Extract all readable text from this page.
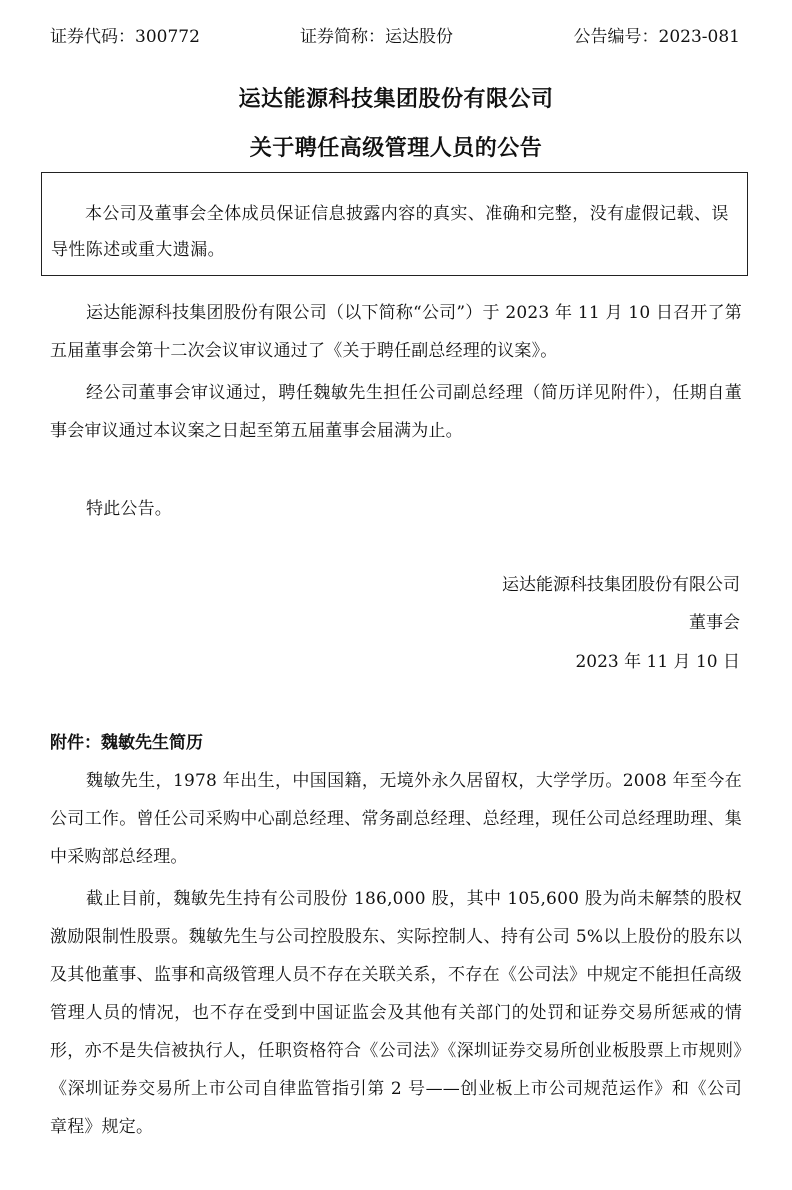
证券代码：300772	证券简称：运达股份	公告编号：2023-081
运达能源科技集团股份有限公司
关于聘任高级管理人员的公告

本公司及董事会全体成员保证信息披露内容的真实、准确和完整，没有虚假记载、误导性陈述或重大遗漏。

运达能源科技集团股份有限公司（以下简称“公司”）于 2023 年 11 月 10 日召开了第五届董事会第十二次会议审议通过了《关于聘任副总经理的议案》。

经公司董事会审议通过，聘任魏敏先生担任公司副总经理（简历详见附件），任期自董事会审议通过本议案之日起至第五届董事会届满为止。

特此公告。

运达能源科技集团股份有限公司
董事会
2023 年 11 月 10 日
附件：魏敏先生简历

魏敏先生，1978 年出生，中国国籍，无境外永久居留权，大学学历。2008 年至今在公司工作。曾任公司采购中心副总经理、常务副总经理、总经理，现任公司总经理助理、集中采购部总经理。

截止目前，魏敏先生持有公司股份 186,000 股，其中 105,600 股为尚未解禁的股权激励限制性股票。魏敏先生与公司控股股东、实际控制人、持有公司 5%以上股份的股东以及其他董事、监事和高级管理人员不存在关联关系，不存在《公司法》中规定不能担任高级管理人员的情况，也不存在受到中国证监会及其他有关部门的处罚和证券交易所惩戒的情形，亦不是失信被执行人，任职资格符合《公司法》《深圳证券交易所创业板股票上市规则》《深圳证券交易所上市公司自律监管指引第 2 号——创业板上市公司规范运作》和《公司章程》规定。
